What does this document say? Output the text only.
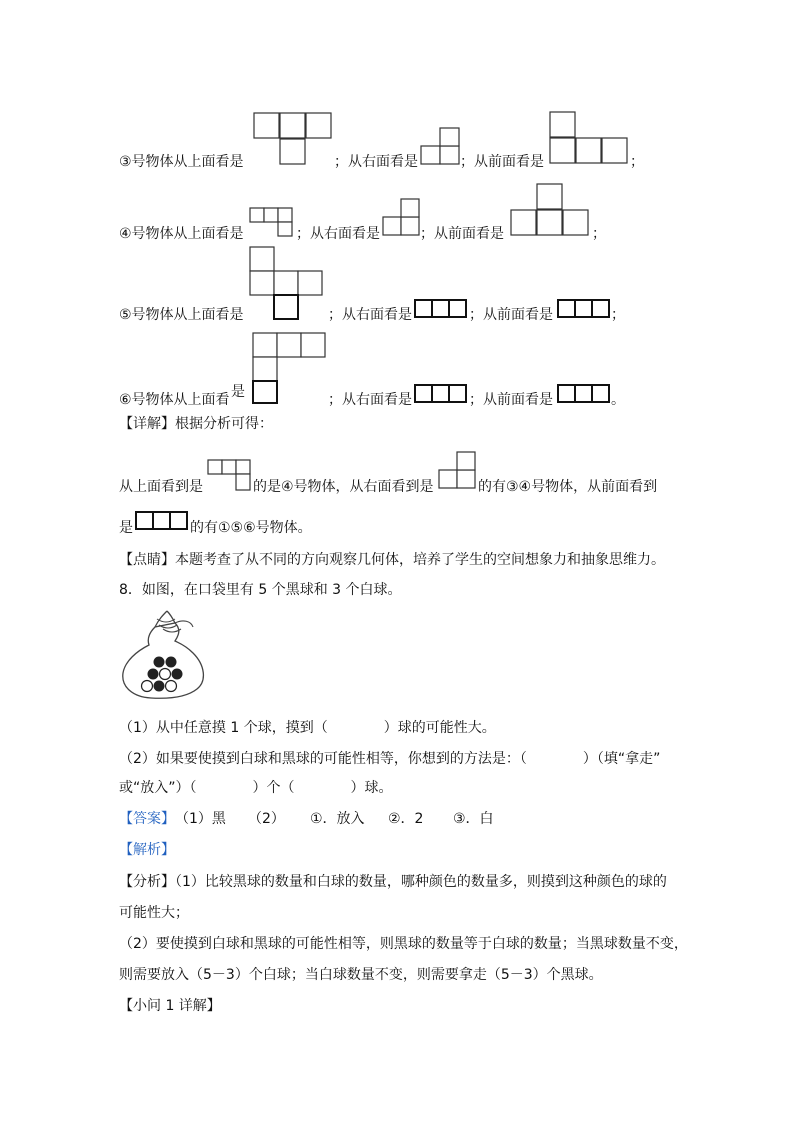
③号物体从上面看是	；从右面看是	；从前面看是	；
④号物体从上面看是	；从右面看是	；从前面看是	；
⑤号物体从上面看是	；从右面看是	；从前面看是	；
⑥号物体从上面看 是	；从右面看是	；从前面看是	。
【详解】根据分析可得：
从上面看到是	的是④号物体，从右面看到是	的有③④号物体，从前面看到
是	的有①⑤⑥号物体。
【点睛】本题考查了从不同的方向观察几何体，培养了学生的空间想象力和抽象思维力。
8．如图，在口袋里有 5 个黑球和 3 个白球。
（1）从中任意摸 1 个球，摸到（　　　　）球的可能性大。
（2）如果要使摸到白球和黑球的可能性相等，你想到的方法是：（　　　　）（填“拿走”
或“放入”）（　　　　）个（　　　　）球。
【答案】 （1）黑 （2） ①．放入 ②．2 ③．白
【解析】
【分析】（1）比较黑球的数量和白球的数量，哪种颜色的数量多，则摸到这种颜色的球的
可能性大；
（2）要使摸到白球和黑球的可能性相等，则黑球的数量等于白球的数量；当黑球数量不变，
则需要放入（5－3）个白球；当白球数量不变，则需要拿走（5－3）个黑球。
【小问 1 详解】
